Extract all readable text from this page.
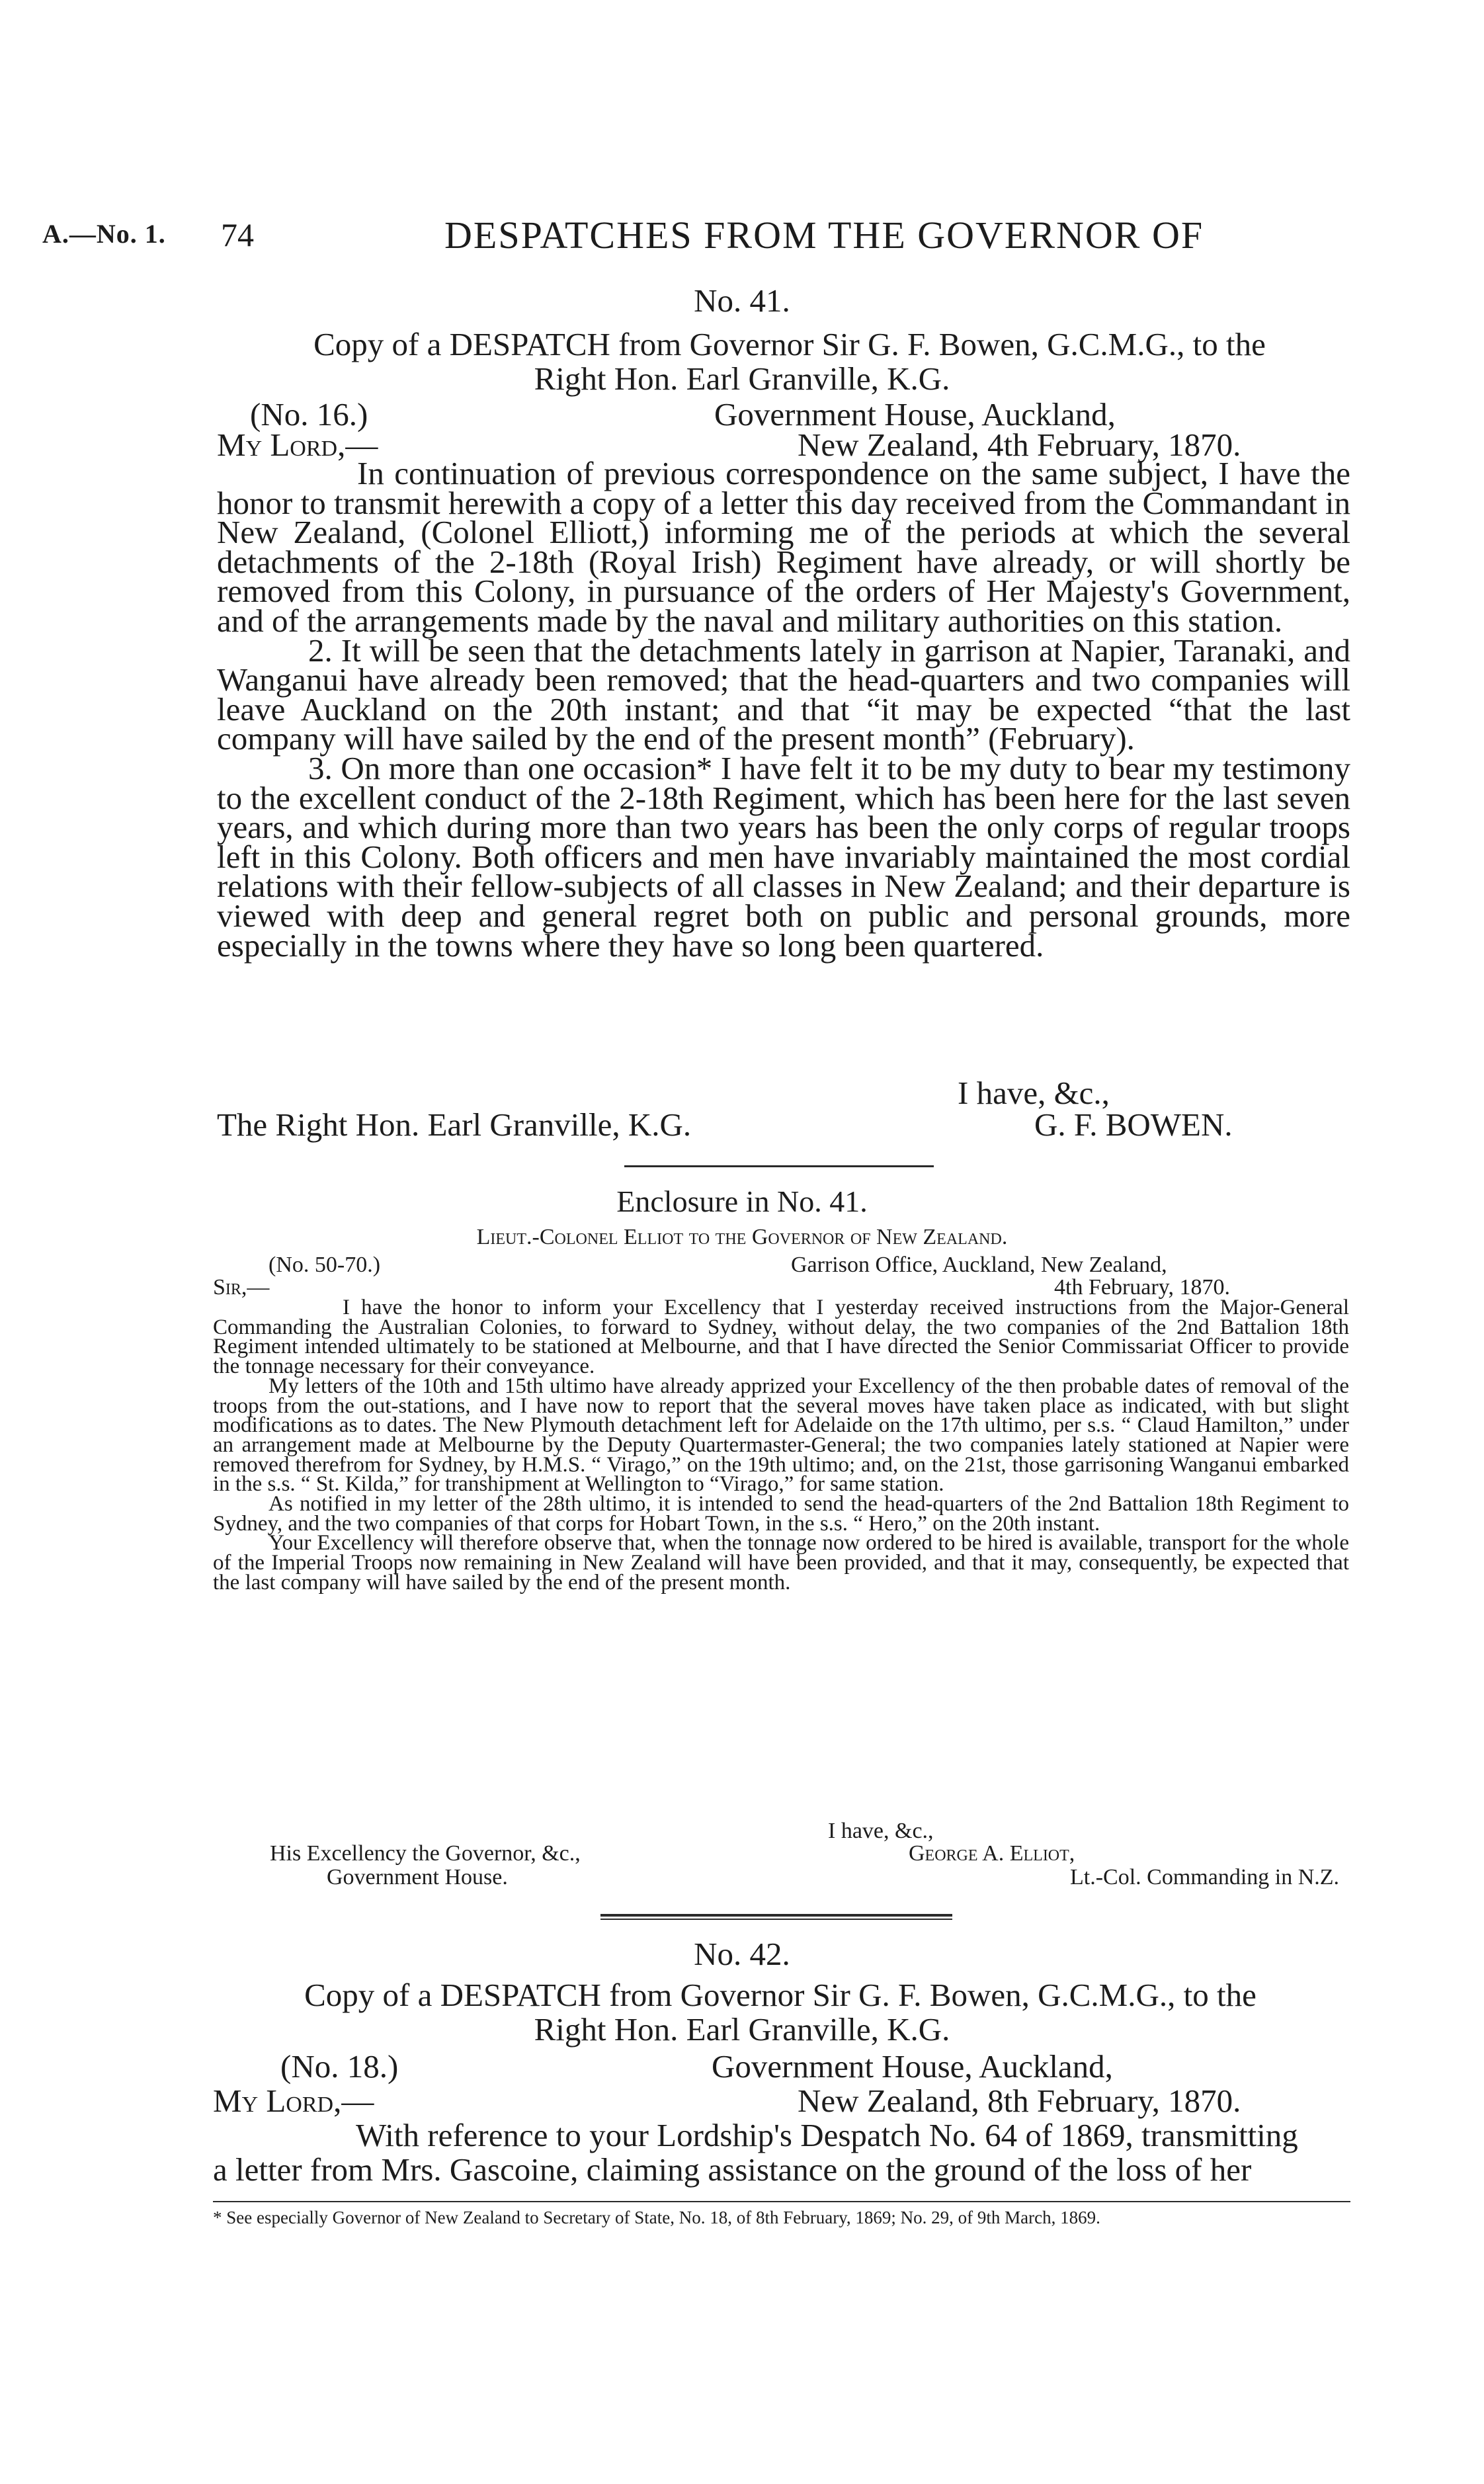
A.—No. 1. 74	DESPATCHES FROM THE GOVERNOR OF
No. 41.
Copy of a DESPATCH from Governor Sir G. F. Bowen, G.C.M.G., to the
Right Hon. Earl Granville, K.G.
(No. 16.)	Government House, Auckland,
My Lord,—	New Zealand, 4th February, 1870.

In continuation of previous correspondence on the same subject, I have the honor to transmit herewith a copy of a letter this day received from the Commandant in New Zealand, (Colonel Elliott,) informing me of the periods at which the several detachments of the 2-18th (Royal Irish) Regiment have already, or will shortly be removed from this Colony, in pursuance of the orders of Her Majesty's Government, and of the arrangements made by the naval and military authorities on this station.

2. It will be seen that the detachments lately in garrison at Napier, Taranaki, and Wanganui have already been removed; that the head-quarters and two companies will leave Auckland on the 20th instant; and that “it may be expected “that the last company will have sailed by the end of the present month” (February).

3. On more than one occasion* I have felt it to be my duty to bear my testimony to the excellent conduct of the 2-18th Regiment, which has been here for the last seven years, and which during more than two years has been the only corps of regular troops left in this Colony. Both officers and men have invariably maintained the most cordial relations with their fellow-subjects of all classes in New Zealand; and their departure is viewed with deep and general regret both on public and personal grounds, more especially in the towns where they have so long been quartered.

I have, &c.,
The Right Hon. Earl Granville, K.G.	G. F. BOWEN.
Enclosure in No. 41.
Lieut.-Colonel Elliot to the Governor of New Zealand.
(No. 50-70.)	Garrison Office, Auckland, New Zealand,
Sir,—	4th February, 1870.

I have the honor to inform your Excellency that I yesterday received instructions from the Major-General Commanding the Australian Colonies, to forward to Sydney, without delay, the two companies of the 2nd Battalion 18th Regiment intended ultimately to be stationed at Melbourne, and that I have directed the Senior Commissariat Officer to provide the tonnage necessary for their conveyance.

My letters of the 10th and 15th ultimo have already apprized your Excellency of the then probable dates of removal of the troops from the out-stations, and I have now to report that the several moves have taken place as indicated, with but slight modifications as to dates. The New Plymouth detachment left for Adelaide on the 17th ultimo, per s.s. “ Claud Hamilton,” under an arrangement made at Melbourne by the Deputy Quartermaster-General; the two companies lately stationed at Napier were removed therefrom for Sydney, by H.M.S. “ Virago,” on the 19th ultimo; and, on the 21st, those garrisoning Wanganui embarked in the s.s. “ St. Kilda,” for transhipment at Wellington to “Virago,” for same station.

As notified in my letter of the 28th ultimo, it is intended to send the head-quarters of the 2nd Battalion 18th Regiment to Sydney, and the two companies of that corps for Hobart Town, in the s.s. “ Hero,” on the 20th instant.

Your Excellency will therefore observe that, when the tonnage now ordered to be hired is available, transport for the whole of the Imperial Troops now remaining in New Zealand will have been provided, and that it may, consequently, be expected that the last company will have sailed by the end of the present month.

I have, &c.,
His Excellency the Governor, &c.,	George A. Elliot,
Government House.	Lt.-Col. Commanding in N.Z.
No. 42.
Copy of a DESPATCH from Governor Sir G. F. Bowen, G.C.M.G., to the
Right Hon. Earl Granville, K.G.
(No. 18.)	Government House, Auckland,
My Lord,—	New Zealand, 8th February, 1870.
With reference to your Lordship's Despatch No. 64 of 1869, transmitting
a letter from Mrs. Gascoine, claiming assistance on the ground of the loss of her
* See especially Governor of New Zealand to Secretary of State, No. 18, of 8th February, 1869; No. 29, of 9th March, 1869.
